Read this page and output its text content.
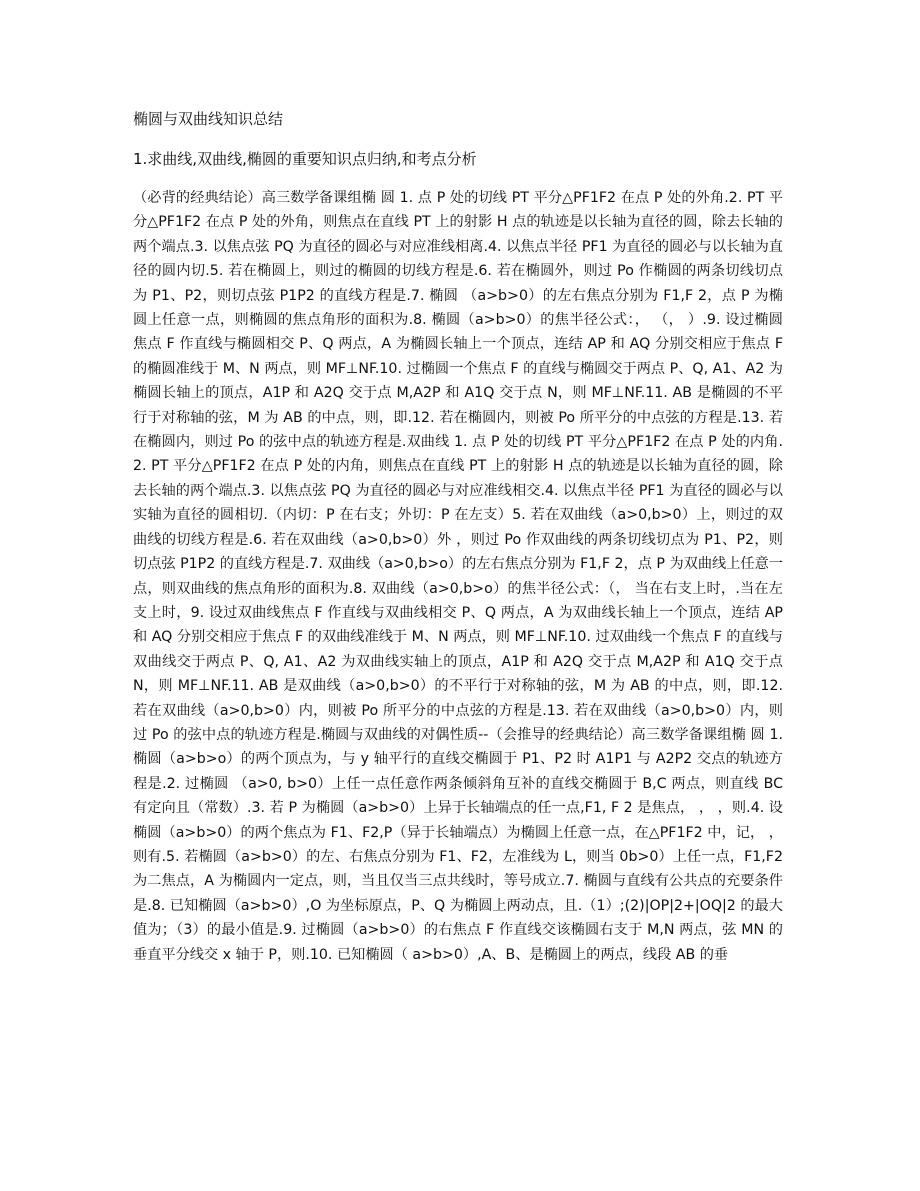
椭圆与双曲线知识总结

1.求曲线,双曲线,椭圆的重要知识点归纳,和考点分析

（必背的经典结论）高三数学备课组椭 圆 1. 点 P 处的切线 PT 平分△PF1F2 在点 P 处的外角.2. PT 平分△PF1F2 在点 P 处的外角，则焦点在直线 PT 上的射影 H 点的轨迹是以长轴为直径的圆，除去长轴的两个端点.3. 以焦点弦 PQ 为直径的圆必与对应准线相离.4. 以焦点半径 PF1 为直径的圆必与以长轴为直径的圆内切.5. 若在椭圆上，则过的椭圆的切线方程是.6. 若在椭圆外，则过 Po 作椭圆的两条切线切点为 P1、P2，则切点弦 P1P2 的直线方程是.7. 椭圆 （a>b>0）的左右焦点分别为 F1,F 2，点 P 为椭圆上任意一点，则椭圆的焦点角形的面积为.8. 椭圆（a>b>0）的焦半径公式：， （， ）.9. 设过椭圆焦点 F 作直线与椭圆相交 P、Q 两点，A 为椭圆长轴上一个顶点，连结 AP 和 AQ 分别交相应于焦点 F 的椭圆准线于 M、N 两点，则 MF⊥NF.10. 过椭圆一个焦点 F 的直线与椭圆交于两点 P、Q, A1、A2 为椭圆长轴上的顶点，A1P 和 A2Q 交于点 M,A2P 和 A1Q 交于点 N，则 MF⊥NF.11. AB 是椭圆的不平行于对称轴的弦，M 为 AB 的中点，则，即.12. 若在椭圆内，则被 Po 所平分的中点弦的方程是.13. 若在椭圆内，则过 Po 的弦中点的轨迹方程是.双曲线 1. 点 P 处的切线 PT 平分△PF1F2 在点 P 处的内角.2. PT 平分△PF1F2 在点 P 处的内角，则焦点在直线 PT 上的射影 H 点的轨迹是以长轴为直径的圆，除去长轴的两个端点.3. 以焦点弦 PQ 为直径的圆必与对应准线相交.4. 以焦点半径 PF1 为直径的圆必与以实轴为直径的圆相切.（内切：P 在右支；外切：P 在左支）5. 若在双曲线（a>0,b>0）上，则过的双曲线的切线方程是.6. 若在双曲线（a>0,b>0）外 ，则过 Po 作双曲线的两条切线切点为 P1、P2，则切点弦 P1P2 的直线方程是.7. 双曲线（a>0,b>o）的左右焦点分别为 F1,F 2，点 P 为双曲线上任意一点，则双曲线的焦点角形的面积为.8. 双曲线（a>0,b>o）的焦半径公式：（， 当在右支上时，.当在左支上时，9. 设过双曲线焦点 F 作直线与双曲线相交 P、Q 两点，A 为双曲线长轴上一个顶点，连结 AP 和 AQ 分别交相应于焦点 F 的双曲线准线于 M、N 两点，则 MF⊥NF.10. 过双曲线一个焦点 F 的直线与双曲线交于两点 P、Q, A1、A2 为双曲线实轴上的顶点，A1P 和 A2Q 交于点 M,A2P 和 A1Q 交于点 N，则 MF⊥NF.11. AB 是双曲线（a>0,b>0）的不平行于对称轴的弦，M 为 AB 的中点，则，即.12. 若在双曲线（a>0,b>0）内，则被 Po 所平分的中点弦的方程是.13. 若在双曲线（a>0,b>0）内，则过 Po 的弦中点的轨迹方程是.椭圆与双曲线的对偶性质--（会推导的经典结论）高三数学备课组椭 圆 1. 椭圆（a>b>o）的两个顶点为，与 y 轴平行的直线交椭圆于 P1、P2 时 A1P1 与 A2P2 交点的轨迹方程是.2. 过椭圆 （a>0, b>0）上任一点任意作两条倾斜角互补的直线交椭圆于 B,C 两点，则直线 BC 有定向且（常数）.3. 若 P 为椭圆（a>b>0）上异于长轴端点的任一点,F1, F 2 是焦点， ， ，则.4. 设椭圆（a>b>0）的两个焦点为 F1、F2,P（异于长轴端点）为椭圆上任意一点，在△PF1F2 中，记， ，则有.5. 若椭圆（a>b>0）的左、右焦点分别为 F1、F2，左准线为 L，则当 0b>0）上任一点，F1,F2 为二焦点，A 为椭圆内一定点，则，当且仅当三点共线时，等号成立.7. 椭圆与直线有公共点的充要条件是.8. 已知椭圆（a>b>0）,O 为坐标原点，P、Q 为椭圆上两动点，且.（1）;(2)|OP|2+|OQ|2 的最大值为；（3）的最小值是.9. 过椭圆（a>b>0）的右焦点 F 作直线交该椭圆右支于 M,N 两点，弦 MN 的垂直平分线交 x 轴于 P，则.10. 已知椭圆（ a>b>0）,A、B、是椭圆上的两点，线段 AB 的垂
